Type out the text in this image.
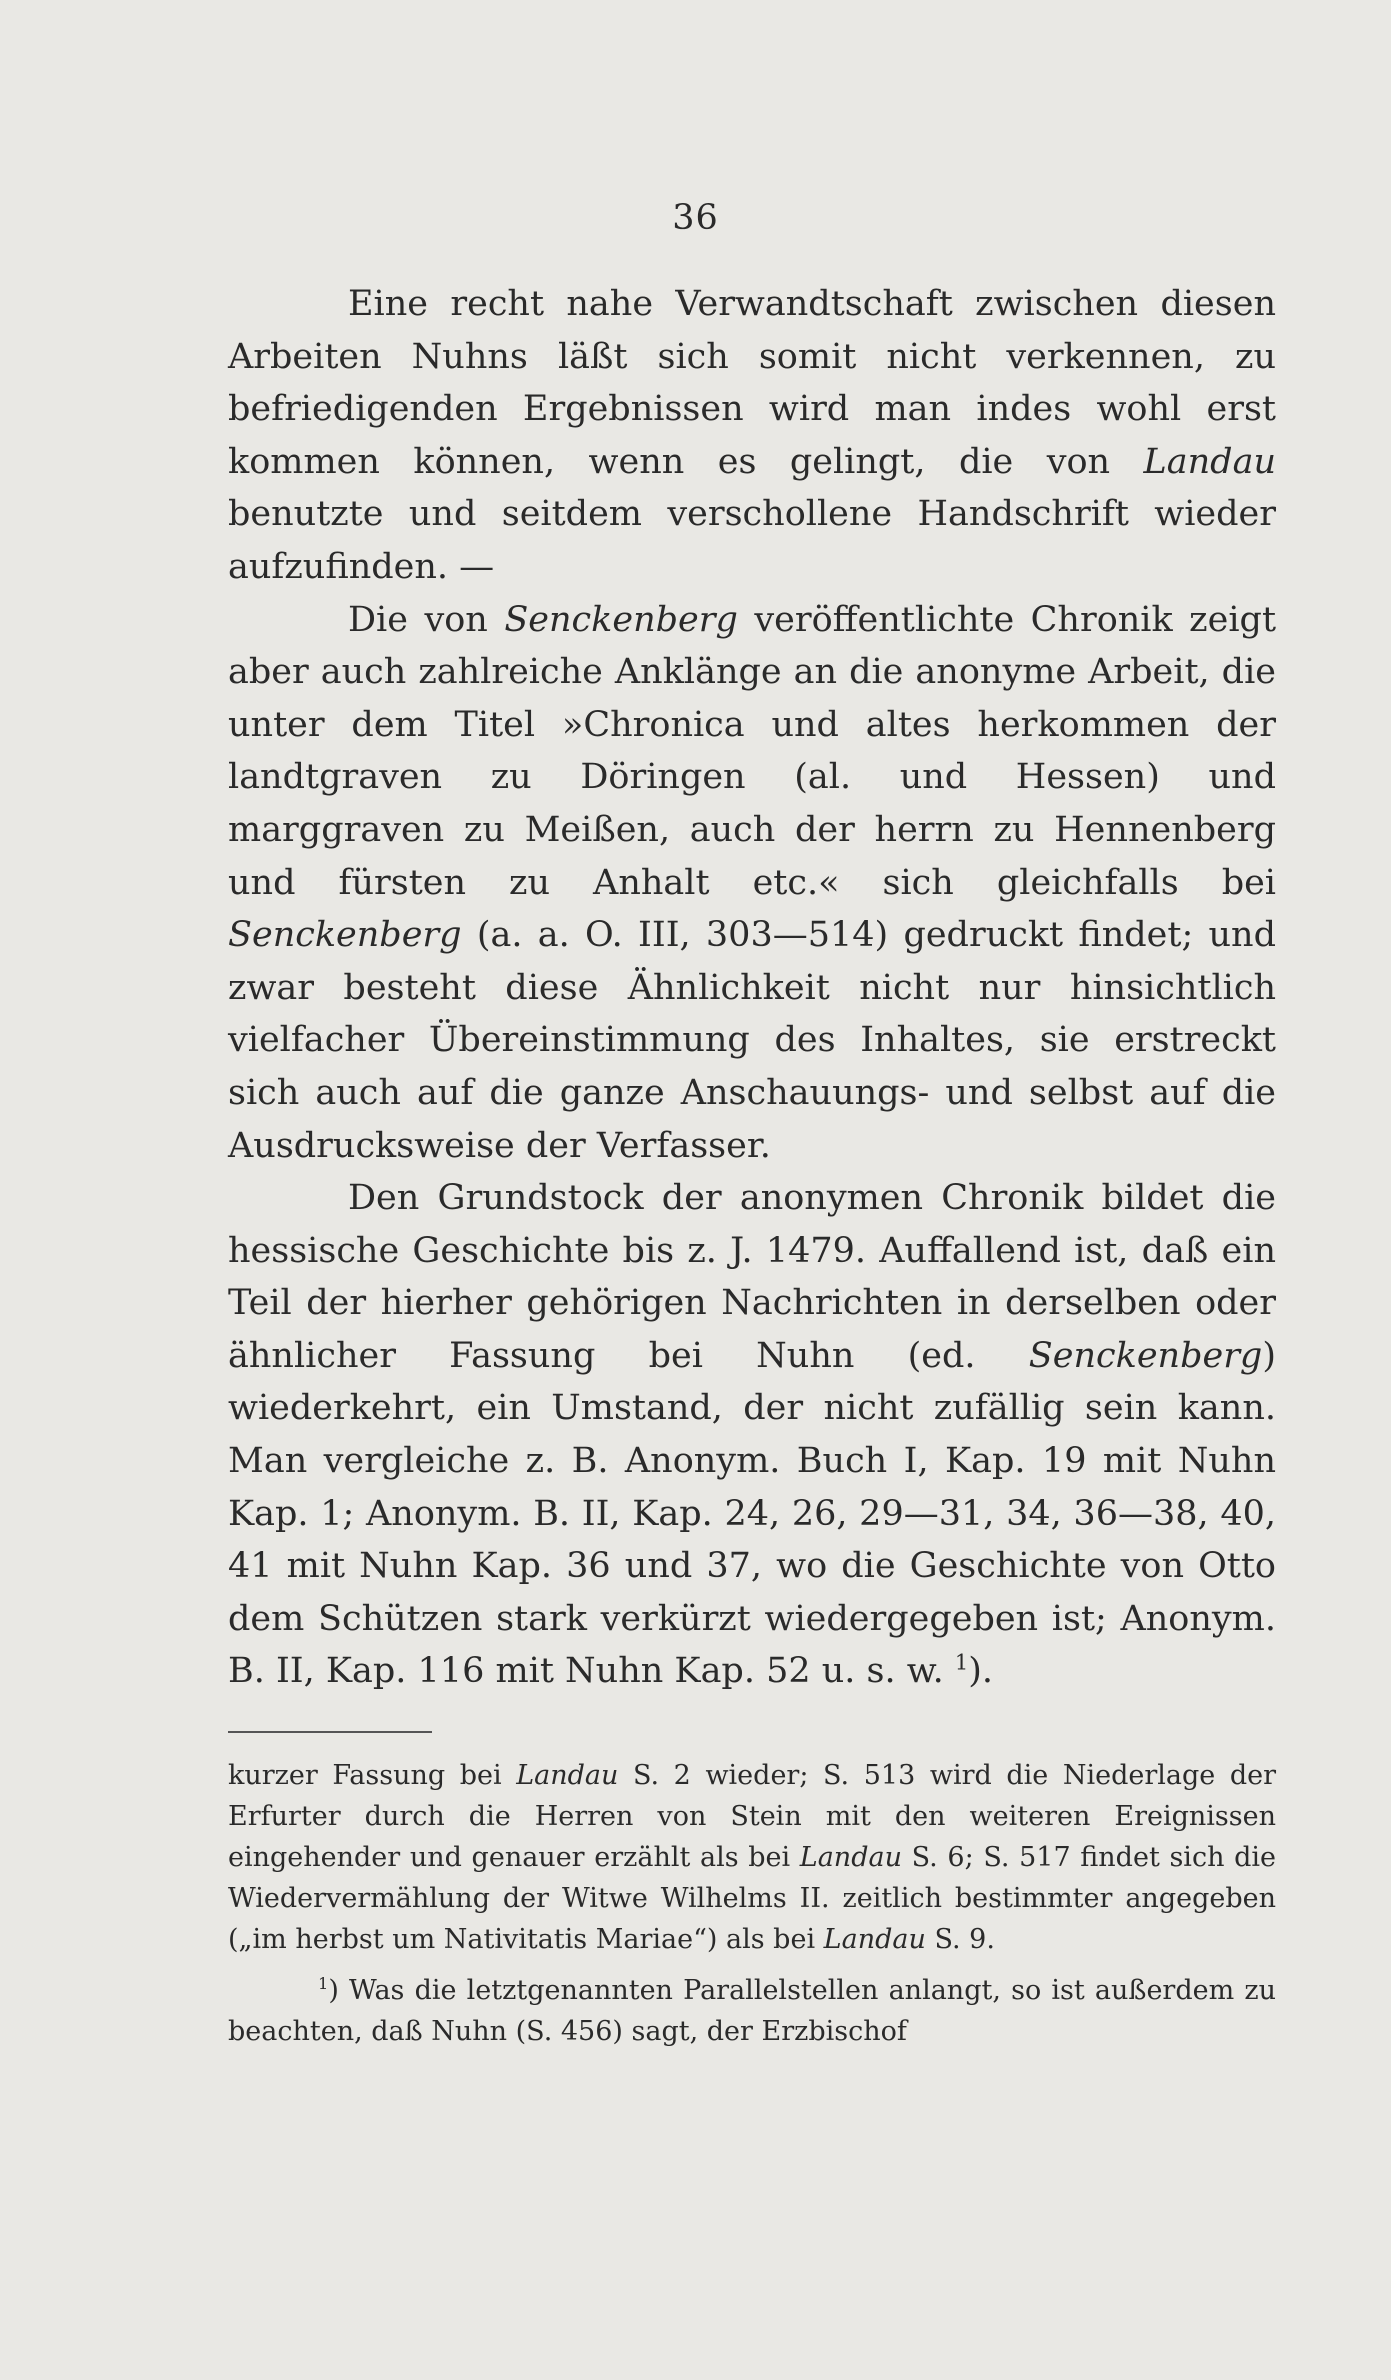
36

Eine recht nahe Verwandtschaft zwischen diesen Arbeiten Nuhns läßt sich somit nicht verkennen, zu befriedigenden Ergebnissen wird man indes wohl erst kommen können, wenn es gelingt, die von Landau benutzte und seitdem verschollene Handschrift wieder aufzufinden. —

Die von Senckenberg veröffentlichte Chronik zeigt aber auch zahlreiche Anklänge an die anonyme Arbeit, die unter dem Titel »Chronica und altes herkommen der landtgraven zu Döringen (al. und Hessen) und marggraven zu Meißen, auch der herrn zu Hennenberg und fürsten zu Anhalt etc.« sich gleichfalls bei Senckenberg (a. a. O. III, 303—514) gedruckt findet; und zwar besteht diese Ähnlichkeit nicht nur hinsichtlich vielfacher Übereinstimmung des Inhaltes, sie erstreckt sich auch auf die ganze Anschauungs- und selbst auf die Ausdrucksweise der Verfasser.

Den Grundstock der anonymen Chronik bildet die hessische Geschichte bis z. J. 1479. Auffallend ist, daß ein Teil der hierher gehörigen Nachrichten in derselben oder ähnlicher Fassung bei Nuhn (ed. Senckenberg) wiederkehrt, ein Umstand, der nicht zufällig sein kann. Man vergleiche z. B. Anonym. Buch I, Kap. 19 mit Nuhn Kap. 1; Anonym. B. II, Kap. 24, 26, 29—31, 34, 36—38, 40, 41 mit Nuhn Kap. 36 und 37, wo die Geschichte von Otto dem Schützen stark verkürzt wiedergegeben ist; Anonym. B. II, Kap. 116 mit Nuhn Kap. 52 u. s. w. $^1$).

kurzer Fassung bei Landau S. 2 wieder; S. 513 wird die Niederlage der Erfurter durch die Herren von Stein mit den weiteren Ereignissen eingehender und genauer erzählt als bei Landau S. 6; S. 517 findet sich die Wiedervermählung der Witwe Wilhelms II. zeitlich bestimmter angegeben („im herbst um Nativitatis Mariae“) als bei Landau S. 9.

$^1$) Was die letztgenannten Parallelstellen anlangt, so ist außerdem zu beachten, daß Nuhn (S. 456) sagt, der Erzbischof
